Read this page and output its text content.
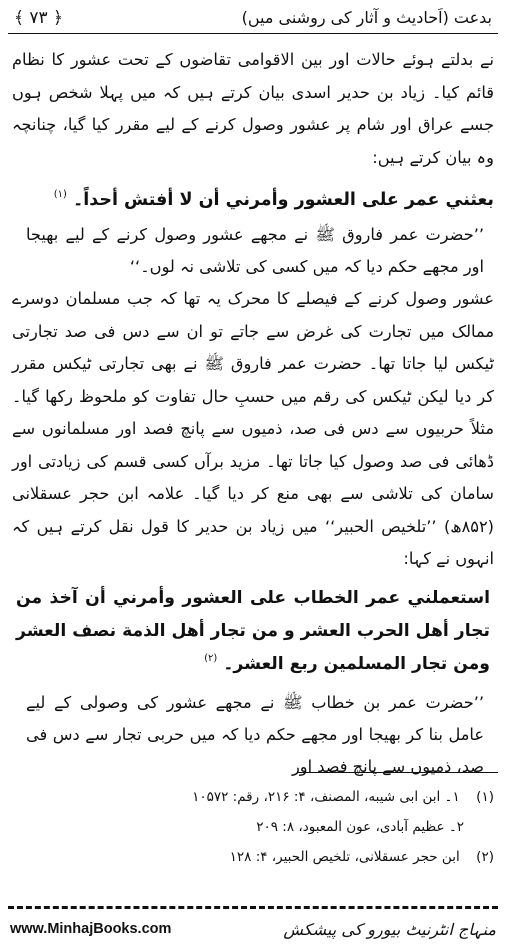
بدعت (اَحادیث و آثار کی روشنی میں)
﴾ ۷۳ ﴿

نے بدلتے ہوئے حالات اور بین الاقوامی تقاضوں کے تحت عشور کا نظام قائم کیا۔ زیاد بن حدیر اسدی بیان کرتے ہیں کہ میں پہلا شخص ہوں جسے عراق اور شام پر عشور وصول کرنے کے لیے مقرر کیا گیا، چنانچہ وہ بیان کرتے ہیں:

بعثني عمر علی العشور وأمرني أن لا أفتش أحداً۔ $^{(۱)}$

’’حضرت عمر فاروق ﷺ نے مجھے عشور وصول کرنے کے لیے بھیجا اور مجھے حکم دیا کہ میں کسی کی تلاشی نہ لوں۔‘‘

عشور وصول کرنے کے فیصلے کا محرک یہ تھا کہ جب مسلمان دوسرے ممالک میں تجارت کی غرض سے جاتے تو ان سے دس فی صد تجارتی ٹیکس لیا جاتا تھا۔ حضرت عمر فاروق ﷺ نے بھی تجارتی ٹیکس مقرر کر دیا لیکن ٹیکس کی رقم میں حسبِ حال تفاوت کو ملحوظ رکھا گیا۔ مثلاً حربیوں سے دس فی صد، ذمیوں سے پانچ فصد اور مسلمانوں سے ڈھائی فی صد وصول کیا جاتا تھا۔ مزید برآں کسی قسم کی زیادتی اور سامان کی تلاشی سے بھی منع کر دیا گیا۔ علامہ ابن حجر عسقلانی (۸۵۲ھ) ’’تلخیص الحبیر‘‘ میں زیاد بن حدیر کا قول نقل کرتے ہیں کہ انہوں نے کہا:

استعملني عمر الخطاب علی العشور وأمرني أن آخذ من تجار أهل الحرب العشر و من تجار أهل الذمة نصف العشر ومن تجار المسلمین ربع العشر۔ $^{(۲)}$

’’حضرت عمر بن خطاب ﷺ نے مجھے عشور کی وصولی کے لیے عامل بنا کر بھیجا اور مجھے حکم دیا کہ میں حربی تجار سے دس فی صد، ذمیوں سے پانچ فصد اور

(۱) ۱۔ ابن ابی شیبه، المصنف، ۴: ۲۱۶، رقم: ۱۰۵۷۲

۲۔ عظیم آبادی، عون المعبود، ۸: ۲۰۹

(۲) ابن حجر عسقلانی، تلخیص الحبیر، ۴: ۱۲۸

www.MinhajBooks.com	منہاج انٹرنیٹ بیورو کی پیشکش
